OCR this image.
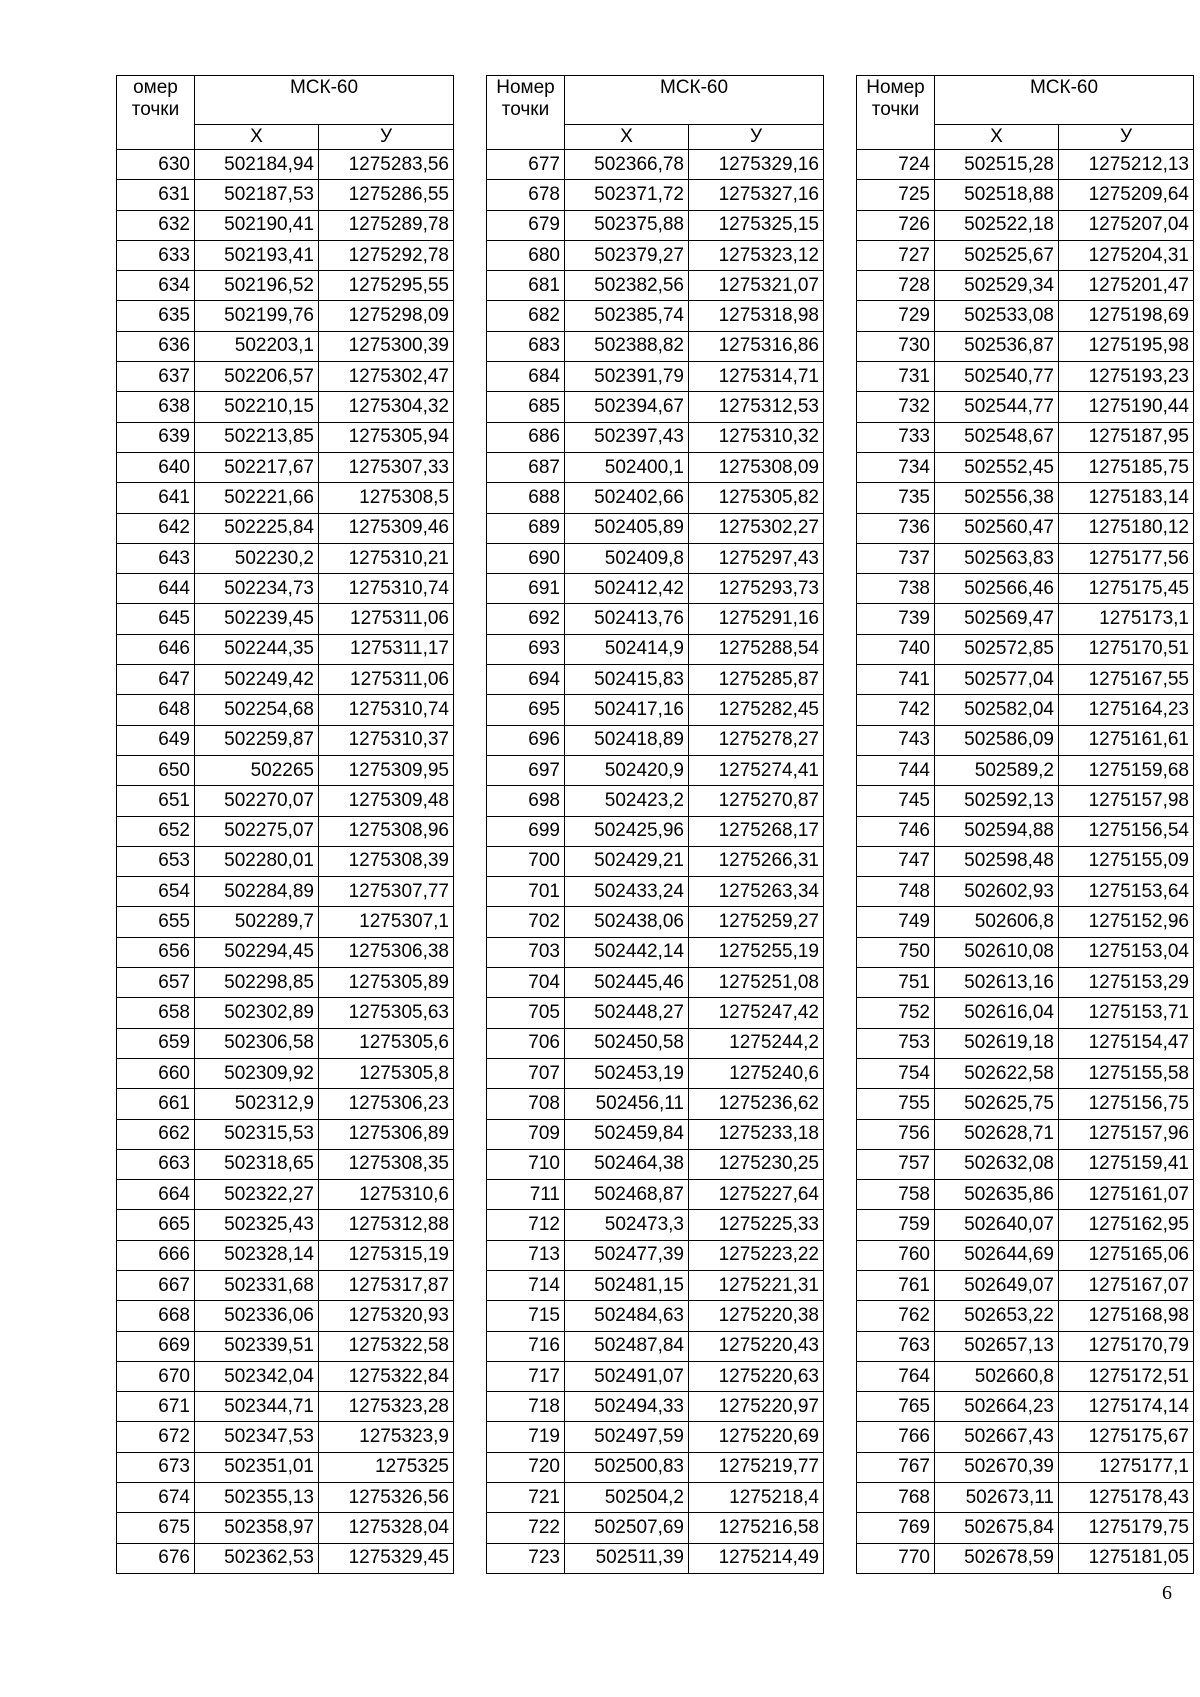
омер
точки	МСК-60	
	Х	У
630	502184,94	1275283,56
631	502187,53	1275286,55
632	502190,41	1275289,78
633	502193,41	1275292,78
634	502196,52	1275295,55
635	502199,76	1275298,09
636	502203,1	1275300,39
637	502206,57	1275302,47
638	502210,15	1275304,32
639	502213,85	1275305,94
640	502217,67	1275307,33
641	502221,66	1275308,5
642	502225,84	1275309,46
643	502230,2	1275310,21
644	502234,73	1275310,74
645	502239,45	1275311,06
646	502244,35	1275311,17
647	502249,42	1275311,06
648	502254,68	1275310,74
649	502259,87	1275310,37
650	502265	1275309,95
651	502270,07	1275309,48
652	502275,07	1275308,96
653	502280,01	1275308,39
654	502284,89	1275307,77
655	502289,7	1275307,1
656	502294,45	1275306,38
657	502298,85	1275305,89
658	502302,89	1275305,63
659	502306,58	1275305,6
660	502309,92	1275305,8
661	502312,9	1275306,23
662	502315,53	1275306,89
663	502318,65	1275308,35
664	502322,27	1275310,6
665	502325,43	1275312,88
666	502328,14	1275315,19
667	502331,68	1275317,87
668	502336,06	1275320,93
669	502339,51	1275322,58
670	502342,04	1275322,84
671	502344,71	1275323,28
672	502347,53	1275323,9
673	502351,01	1275325
674	502355,13	1275326,56
675	502358,97	1275328,04
676	502362,53	1275329,45
Номер
точки	МСК-60	
	Х	У
677	502366,78	1275329,16
678	502371,72	1275327,16
679	502375,88	1275325,15
680	502379,27	1275323,12
681	502382,56	1275321,07
682	502385,74	1275318,98
683	502388,82	1275316,86
684	502391,79	1275314,71
685	502394,67	1275312,53
686	502397,43	1275310,32
687	502400,1	1275308,09
688	502402,66	1275305,82
689	502405,89	1275302,27
690	502409,8	1275297,43
691	502412,42	1275293,73
692	502413,76	1275291,16
693	502414,9	1275288,54
694	502415,83	1275285,87
695	502417,16	1275282,45
696	502418,89	1275278,27
697	502420,9	1275274,41
698	502423,2	1275270,87
699	502425,96	1275268,17
700	502429,21	1275266,31
701	502433,24	1275263,34
702	502438,06	1275259,27
703	502442,14	1275255,19
704	502445,46	1275251,08
705	502448,27	1275247,42
706	502450,58	1275244,2
707	502453,19	1275240,6
708	502456,11	1275236,62
709	502459,84	1275233,18
710	502464,38	1275230,25
711	502468,87	1275227,64
712	502473,3	1275225,33
713	502477,39	1275223,22
714	502481,15	1275221,31
715	502484,63	1275220,38
716	502487,84	1275220,43
717	502491,07	1275220,63
718	502494,33	1275220,97
719	502497,59	1275220,69
720	502500,83	1275219,77
721	502504,2	1275218,4
722	502507,69	1275216,58
723	502511,39	1275214,49
Номер
точки	МСК-60	
	Х	У
724	502515,28	1275212,13
725	502518,88	1275209,64
726	502522,18	1275207,04
727	502525,67	1275204,31
728	502529,34	1275201,47
729	502533,08	1275198,69
730	502536,87	1275195,98
731	502540,77	1275193,23
732	502544,77	1275190,44
733	502548,67	1275187,95
734	502552,45	1275185,75
735	502556,38	1275183,14
736	502560,47	1275180,12
737	502563,83	1275177,56
738	502566,46	1275175,45
739	502569,47	1275173,1
740	502572,85	1275170,51
741	502577,04	1275167,55
742	502582,04	1275164,23
743	502586,09	1275161,61
744	502589,2	1275159,68
745	502592,13	1275157,98
746	502594,88	1275156,54
747	502598,48	1275155,09
748	502602,93	1275153,64
749	502606,8	1275152,96
750	502610,08	1275153,04
751	502613,16	1275153,29
752	502616,04	1275153,71
753	502619,18	1275154,47
754	502622,58	1275155,58
755	502625,75	1275156,75
756	502628,71	1275157,96
757	502632,08	1275159,41
758	502635,86	1275161,07
759	502640,07	1275162,95
760	502644,69	1275165,06
761	502649,07	1275167,07
762	502653,22	1275168,98
763	502657,13	1275170,79
764	502660,8	1275172,51
765	502664,23	1275174,14
766	502667,43	1275175,67
767	502670,39	1275177,1
768	502673,11	1275178,43
769	502675,84	1275179,75
770	502678,59	1275181,05
6
